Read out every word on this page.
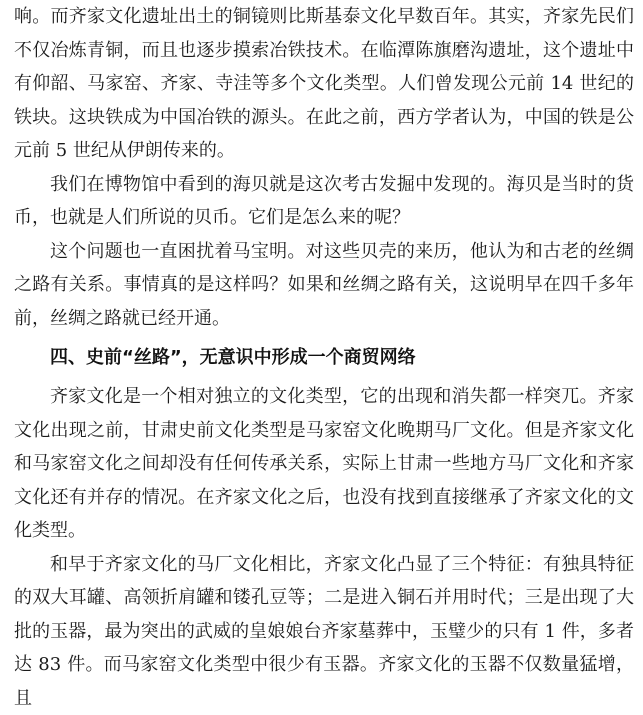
响。而齐家文化遗址出土的铜镜则比斯基泰文化早数百年。其实，齐家先民们不仅冶炼青铜，而且也逐步摸索冶铁技术。在临潭陈旗磨沟遗址，这个遗址中有仰韶、马家窑、齐家、寺洼等多个文化类型。人们曾发现公元前 14 世纪的铁块。这块铁成为中国冶铁的源头。在此之前，西方学者认为，中国的铁是公元前 5 世纪从伊朗传来的。

我们在博物馆中看到的海贝就是这次考古发掘中发现的。海贝是当时的货币，也就是人们所说的贝币。它们是怎么来的呢？

这个问题也一直困扰着马宝明。对这些贝壳的来历，他认为和古老的丝绸之路有关系。事情真的是这样吗？如果和丝绸之路有关，这说明早在四千多年前，丝绸之路就已经开通。

四、史前“丝路”，无意识中形成一个商贸网络

齐家文化是一个相对独立的文化类型，它的出现和消失都一样突兀。齐家文化出现之前，甘肃史前文化类型是马家窑文化晚期马厂文化。但是齐家文化和马家窑文化之间却没有任何传承关系，实际上甘肃一些地方马厂文化和齐家文化还有并存的情况。在齐家文化之后，也没有找到直接继承了齐家文化的文化类型。

和早于齐家文化的马厂文化相比，齐家文化凸显了三个特征：有独具特征的双大耳罐、高领折肩罐和镂孔豆等；二是进入铜石并用时代；三是出现了大批的玉器，最为突出的武威的皇娘娘台齐家墓葬中，玉璧少的只有 1 件，多者达 83 件。而马家窑文化类型中很少有玉器。齐家文化的玉器不仅数量猛增，且
